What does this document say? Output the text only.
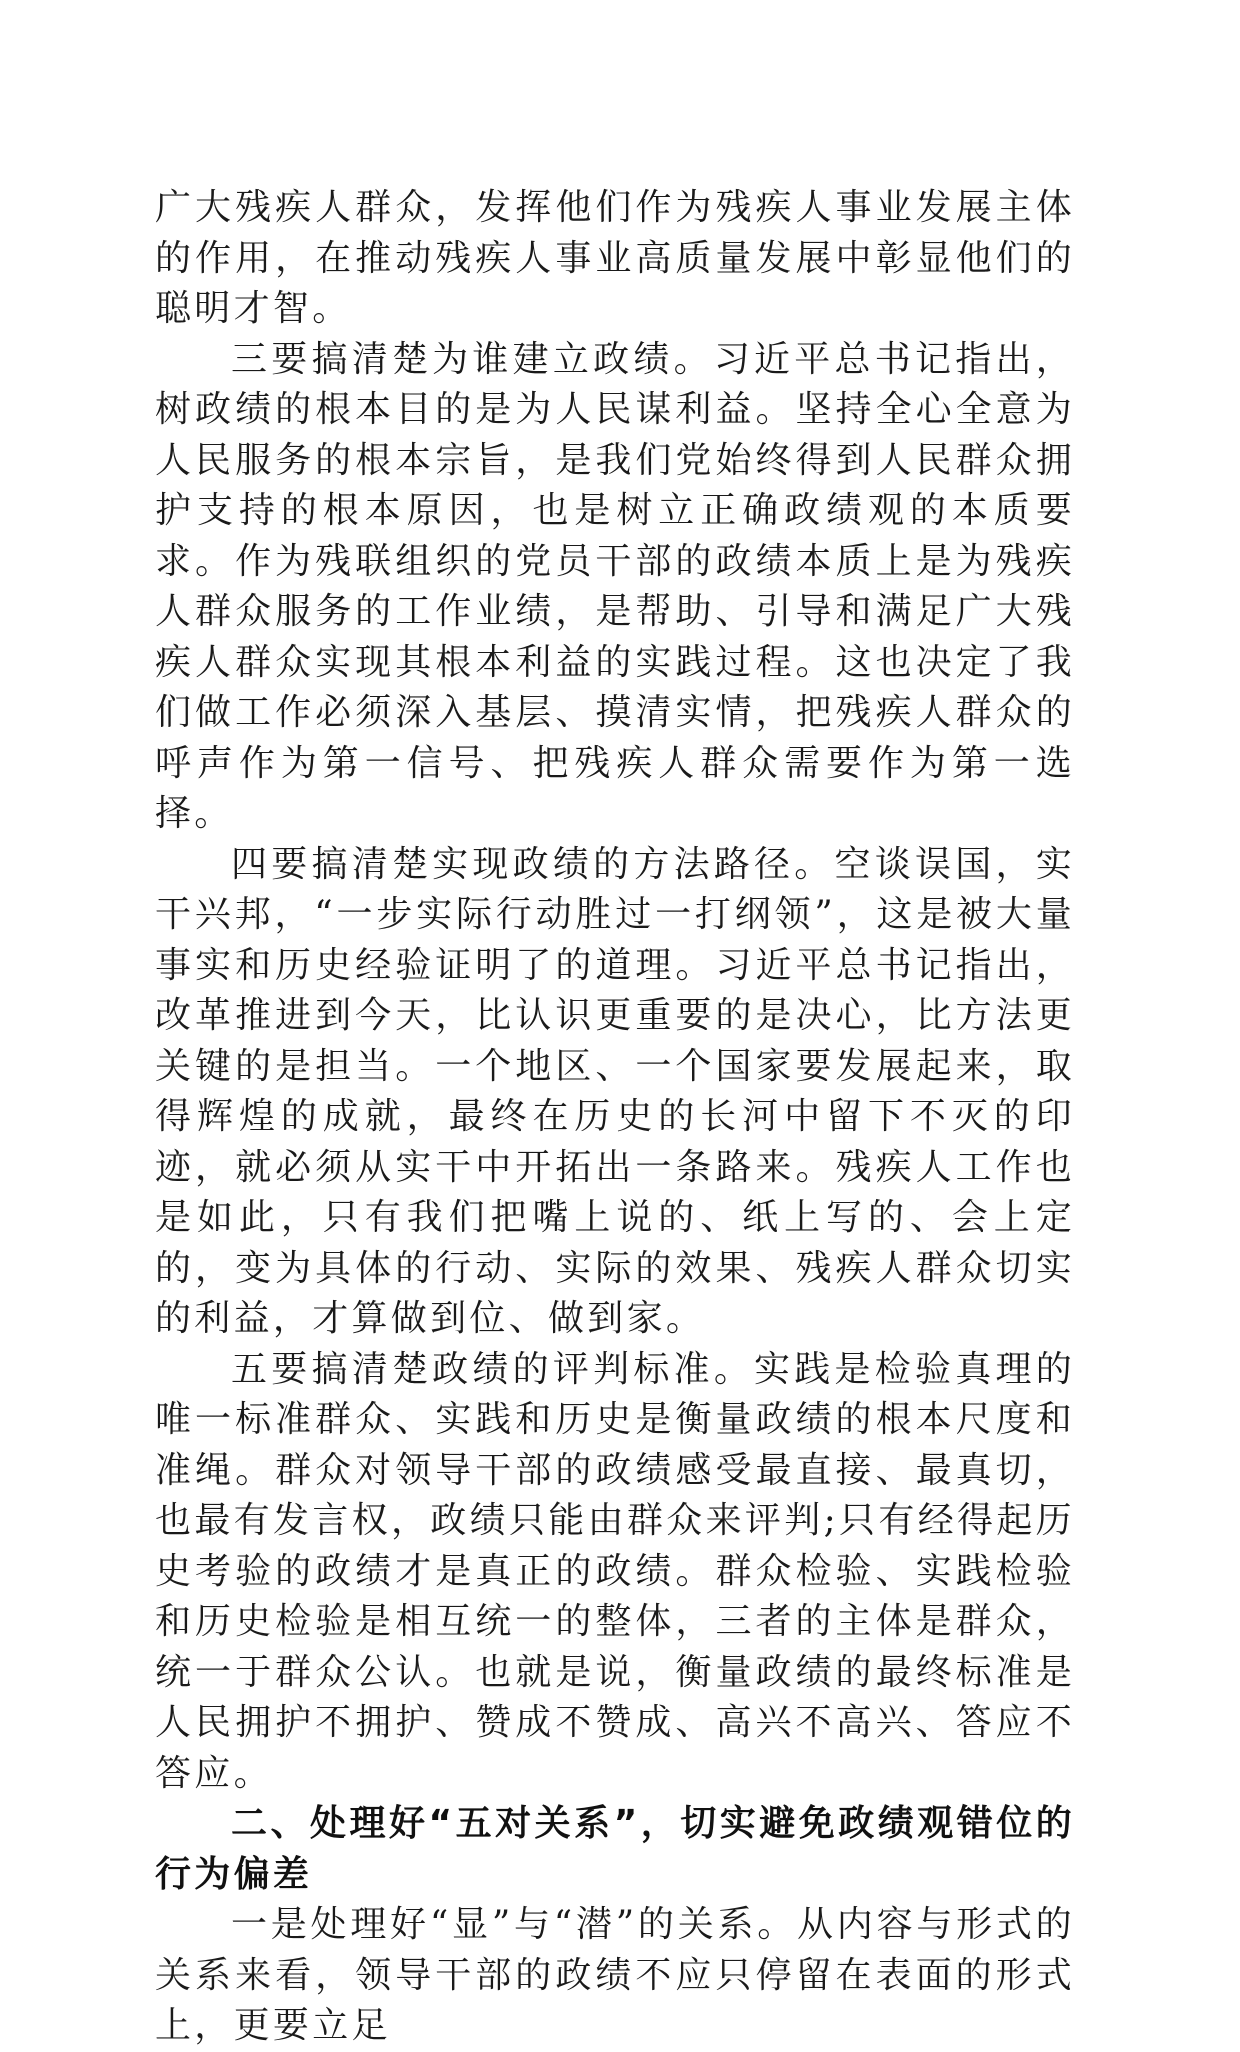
广大残疾人群众，发挥他们作为残疾人事业发展主体的作用，在推动残疾人事业高质量发展中彰显他们的聪明才智。

三要搞清楚为谁建立政绩。习近平总书记指出，树政绩的根本目的是为人民谋利益。坚持全心全意为人民服务的根本宗旨，是我们党始终得到人民群众拥护支持的根本原因，也是树立正确政绩观的本质要求。作为残联组织的党员干部的政绩本质上是为残疾人群众服务的工作业绩，是帮助、引导和满足广大残疾人群众实现其根本利益的实践过程。这也决定了我们做工作必须深入基层、摸清实情，把残疾人群众的呼声作为第一信号、把残疾人群众需要作为第一选择。

四要搞清楚实现政绩的方法路径。空谈误国，实干兴邦，“一步实际行动胜过一打纲领”，这是被大量事实和历史经验证明了的道理。习近平总书记指出，改革推进到今天，比认识更重要的是决心，比方法更关键的是担当。一个地区、一个国家要发展起来，取得辉煌的成就，最终在历史的长河中留下不灭的印迹，就必须从实干中开拓出一条路来。残疾人工作也是如此，只有我们把嘴上说的、纸上写的、会上定的，变为具体的行动、实际的效果、残疾人群众切实的利益，才算做到位、做到家。

五要搞清楚政绩的评判标准。实践是检验真理的唯一标准群众、实践和历史是衡量政绩的根本尺度和准绳。群众对领导干部的政绩感受最直接、最真切，也最有发言权，政绩只能由群众来评判;只有经得起历史考验的政绩才是真正的政绩。群众检验、实践检验和历史检验是相互统一的整体，三者的主体是群众，统一于群众公认。也就是说，衡量政绩的最终标准是人民拥护不拥护、赞成不赞成、高兴不高兴、答应不答应。

二、处理好“五对关系”，切实避免政绩观错位的行为偏差

一是处理好“显”与“潜”的关系。从内容与形式的关系来看，领导干部的政绩不应只停留在表面的形式上，更要立足
